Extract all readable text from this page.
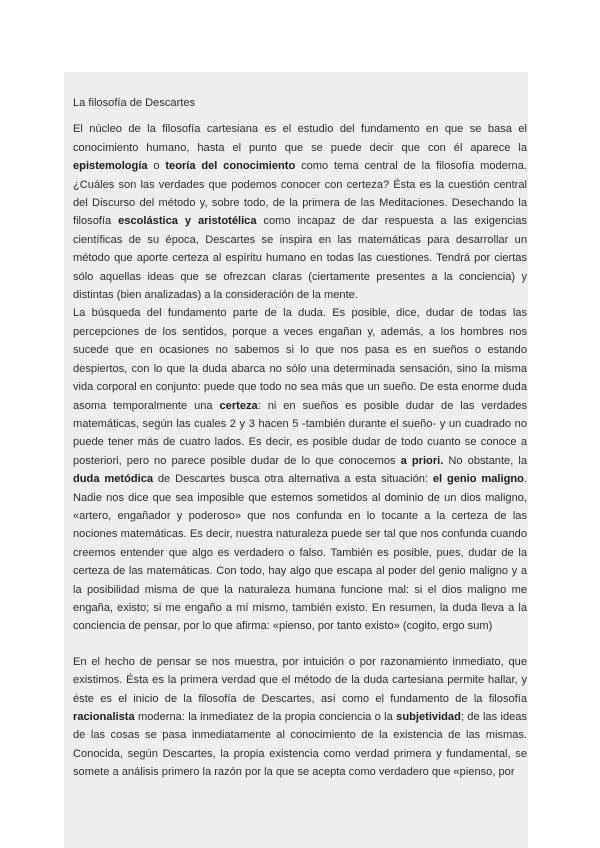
La filosofía de Descartes

El núcleo de la filosofía cartesiana es el estudio del fundamento en que se basa el conocimiento humano, hasta el punto que se puede decir que con él aparece la epistemología o teoría del conocimiento como tema central de la filosofía moderna. ¿Cuáles son las verdades que podemos conocer con certeza? Ésta es la cuestión central del Discurso del método y, sobre todo, de la primera de las Meditaciones. Desechando la filosofía escolástica y aristotélica como incapaz de dar respuesta a las exigencias científicas de su época, Descartes se inspira en las matemáticas para desarrollar un método que aporte certeza al espíritu humano en todas las cuestiones. Tendrá por ciertas sólo aquellas ideas que se ofrezcan claras (ciertamente presentes a la conciencia) y distintas (bien analizadas) a la consideración de la mente.

La búsqueda del fundamento parte de la duda. Es posible, dice, dudar de todas las percepciones de los sentidos, porque a veces engañan y, además, a los hombres nos sucede que en ocasiones no sabemos si lo que nos pasa es en sueños o estando despiertos, con lo que la duda abarca no sólo una determinada sensación, sino la misma vida corporal en conjunto: puede que todo no sea más que un sueño. De esta enorme duda asoma temporalmente una certeza: ni en sueños es posible dudar de las verdades matemáticas, según las cuales 2 y 3 hacen 5 -también durante el sueño- y un cuadrado no puede tener más de cuatro lados. Es decir, es posible dudar de todo cuanto se conoce a posteriori, pero no parece posible dudar de lo que conocemos a priori. No obstante, la duda metódica de Descartes busca otra alternativa a esta situación: el genio maligno. Nadie nos dice que sea imposible que estemos sometidos al dominio de un dios maligno, «artero, engañador y poderoso» que nos confunda en lo tocante a la certeza de las nociones matemáticas. Es decir, nuestra naturaleza puede ser tal que nos confunda cuando creemos entender que algo es verdadero o falso. También es posible, pues, dudar de la certeza de las matemáticas. Con todo, hay algo que escapa al poder del genio maligno y a la posibilidad misma de que la naturaleza humana funcione mal: si el dios maligno me engaña, existo; si me engaño a mí mismo, también existo. En resumen, la duda lleva a la conciencia de pensar, por lo que afirma: «pienso, por tanto existo» (cogito, ergo sum)

En el hecho de pensar se nos muestra, por intuición o por razonamiento inmediato, que existimos. Ésta es la primera verdad que el método de la duda cartesiana permite hallar, y éste es el inicio de la filosofía de Descartes, así como el fundamento de la filosofía racionalista moderna: la inmediatez de la propia conciencia o la subjetividad; de las ideas de las cosas se pasa inmediatamente al conocimiento de la existencia de las mismas. Conocida, según Descartes, la propia existencia como verdad primera y fundamental, se somete a análisis primero la razón por la que se acepta como verdadero que «pienso, por
